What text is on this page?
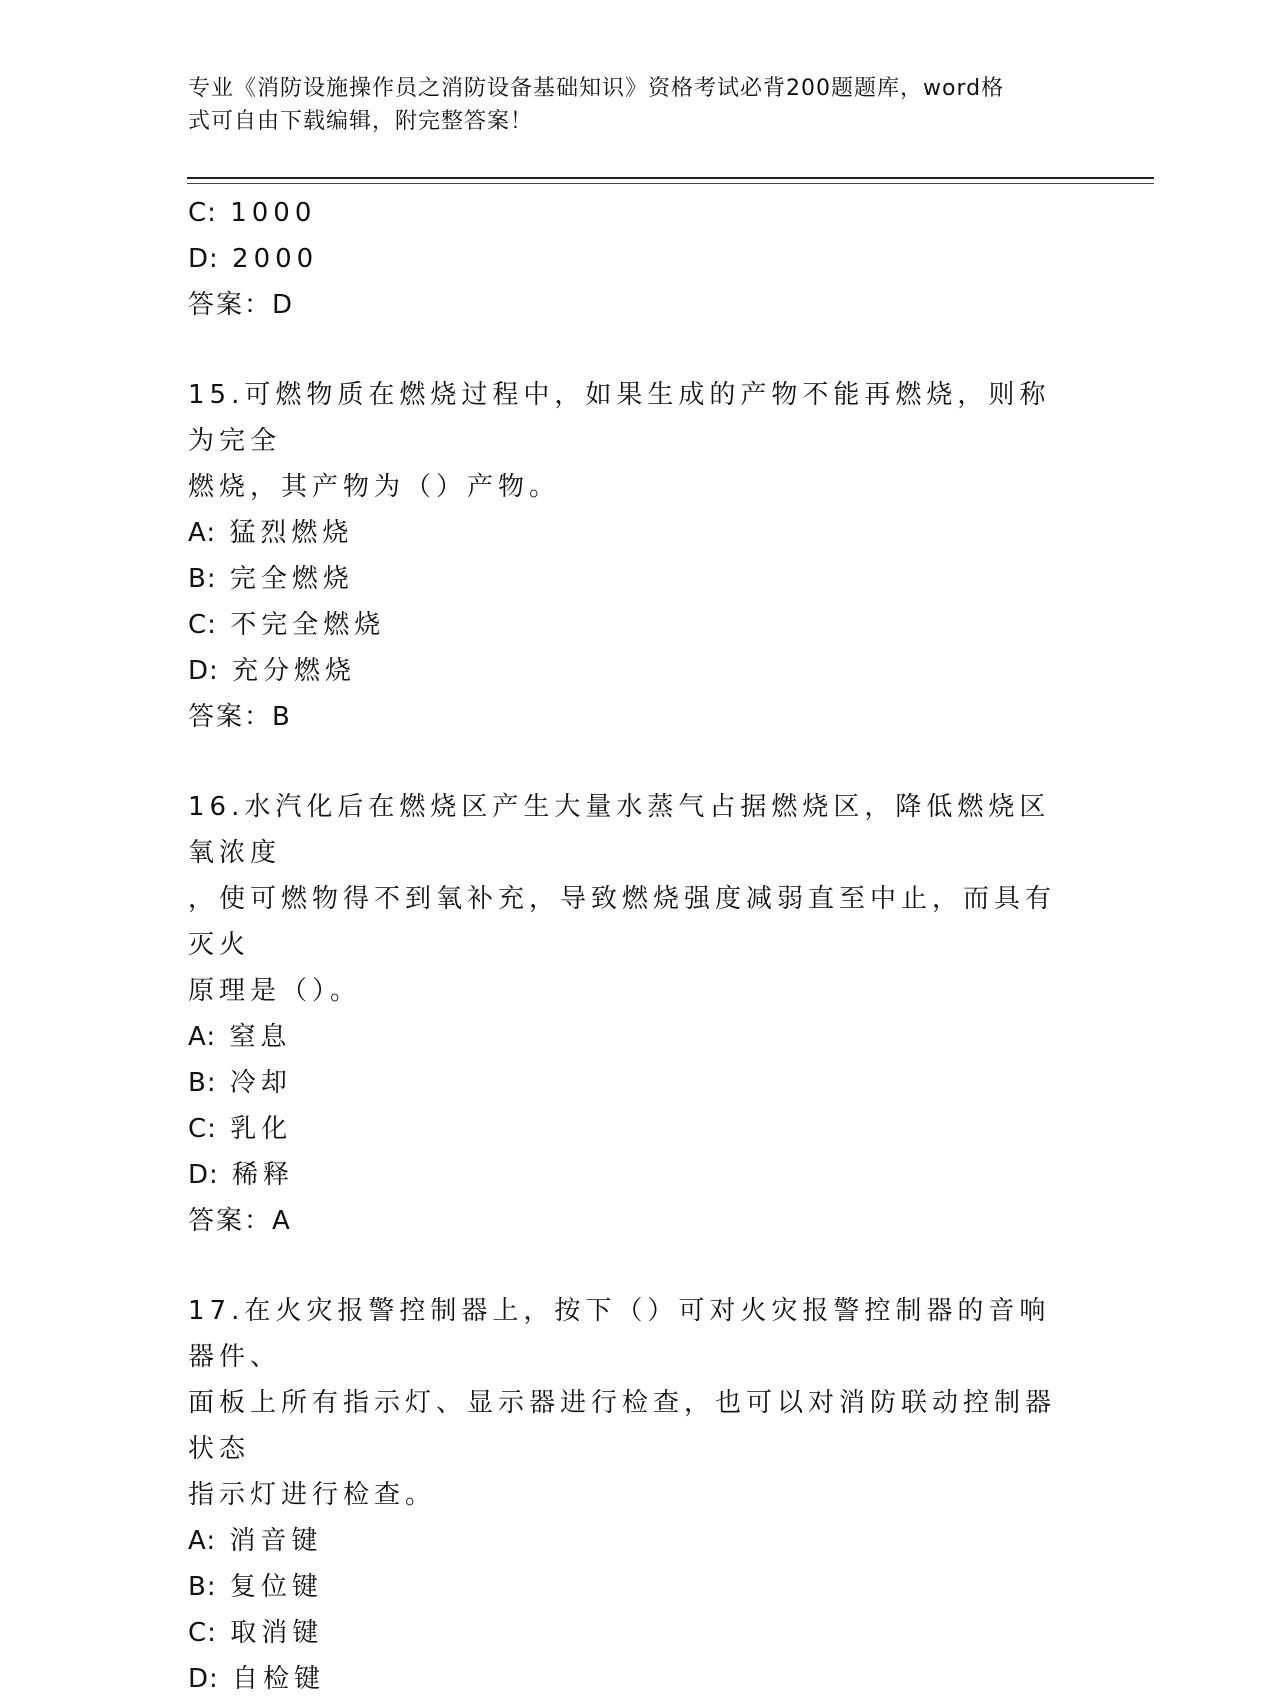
专业《消防设施操作员之消防设备基础知识》资格考试必背200题题库，word格
式可自由下载编辑，附完整答案！
C: 1000
D: 2000
答案：D
15.可燃物质在燃烧过程中，如果生成的产物不能再燃烧，则称为完全
燃烧，其产物为（）产物。
A: 猛烈燃烧
B: 完全燃烧
C: 不完全燃烧
D: 充分燃烧
答案：B
16.水汽化后在燃烧区产生大量水蒸气占据燃烧区，降低燃烧区氧浓度
，使可燃物得不到氧补充，导致燃烧强度减弱直至中止，而具有灭火
原理是（）。
A: 窒息
B: 冷却
C: 乳化
D: 稀释
答案：A
17.在火灾报警控制器上，按下（）可对火灾报警控制器的音响器件、
面板上所有指示灯、显示器进行检查，也可以对消防联动控制器状态
指示灯进行检查。
A: 消音键
B: 复位键
C: 取消键
D: 自检键
